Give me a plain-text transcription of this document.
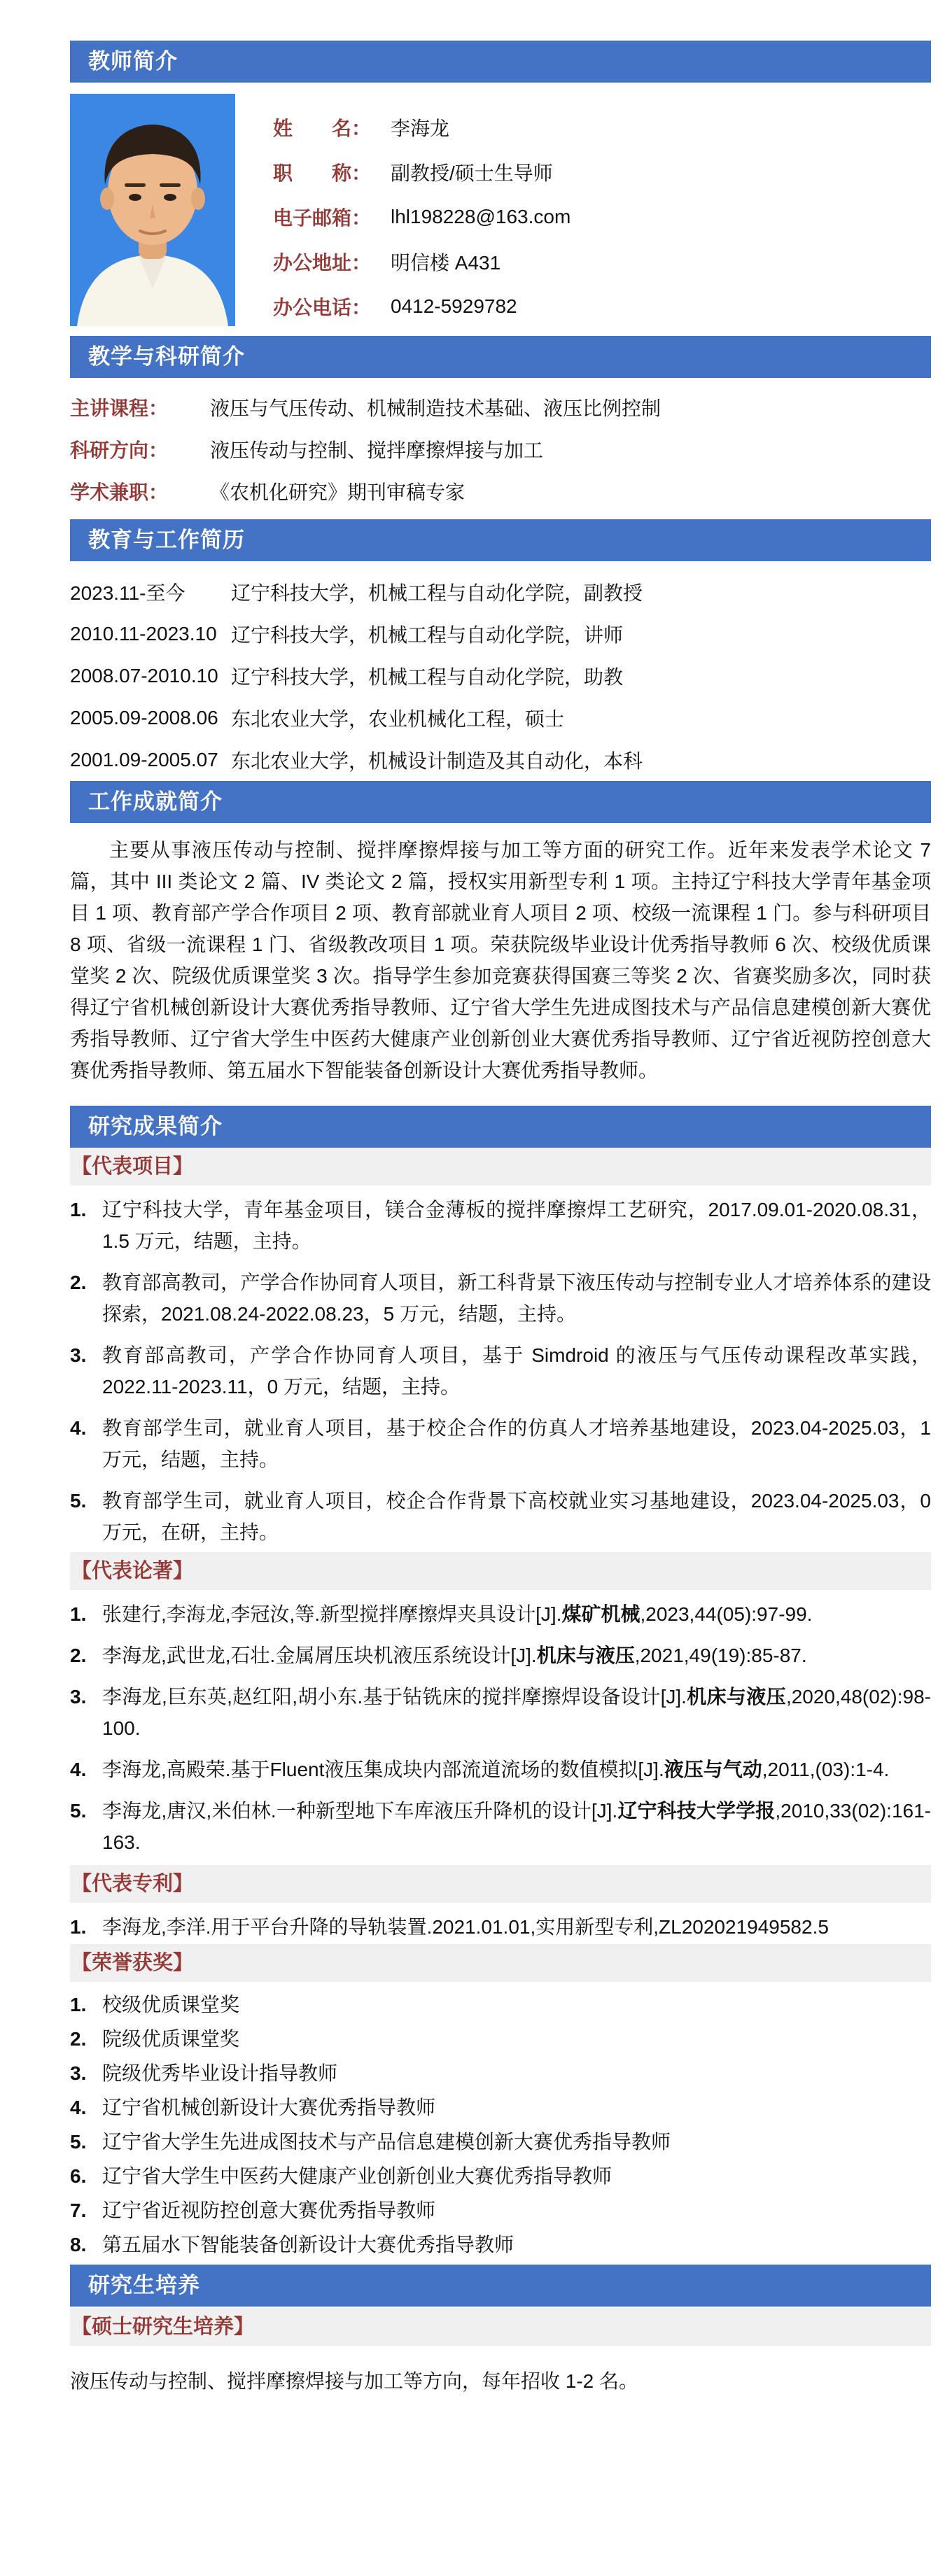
教师简介
姓　　名： 李海龙
职　　称： 副教授/硕士生导师
电子邮箱： lhl198228@163.com
办公地址： 明信楼 A431
办公电话： 0412-5929782
教学与科研简介
主讲课程：	液压与气压传动、机械制造技术基础、液压比例控制
科研方向：	液压传动与控制、搅拌摩擦焊接与加工
学术兼职：	《农机化研究》期刊审稿专家
教育与工作简历
2023.11-至今	辽宁科技大学，机械工程与自动化学院，副教授
2010.11-2023.10 辽宁科技大学，机械工程与自动化学院，讲师
2008.07-2010.10 辽宁科技大学，机械工程与自动化学院，助教
2005.09-2008.06 东北农业大学，农业机械化工程，硕士
2001.09-2005.07 东北农业大学，机械设计制造及其自动化，本科
工作成就简介

主要从事液压传动与控制、搅拌摩擦焊接与加工等方面的研究工作。近年来发表学术论文 7 篇，其中 III 类论文 2 篇、IV 类论文 2 篇，授权实用新型专利 1 项。主持辽宁科技大学青年基金项目 1 项、教育部产学合作项目 2 项、教育部就业育人项目 2 项、校级一流课程 1 门。参与科研项目 8 项、省级一流课程 1 门、省级教改项目 1 项。荣获院级毕业设计优秀指导教师 6 次、校级优质课堂奖 2 次、院级优质课堂奖 3 次。指导学生参加竞赛获得国赛三等奖 2 次、省赛奖励多次，同时获得辽宁省机械创新设计大赛优秀指导教师、辽宁省大学生先进成图技术与产品信息建模创新大赛优秀指导教师、辽宁省大学生中医药大健康产业创新创业大赛优秀指导教师、辽宁省近视防控创意大赛优秀指导教师、第五届水下智能装备创新设计大赛优秀指导教师。

研究成果简介
【代表项目】
1. 辽宁科技大学，青年基金项目，镁合金薄板的搅拌摩擦焊工艺研究，2017.09.01-2020.08.31，1.5 万元，结题，主持。
2. 教育部高教司，产学合作协同育人项目，新工科背景下液压传动与控制专业人才培养体系的建设探索，2021.08.24-2022.08.23，5 万元，结题，主持。
3. 教育部高教司，产学合作协同育人项目，基于 Simdroid 的液压与气压传动课程改革实践，2022.11-2023.11，0 万元，结题，主持。
4. 教育部学生司，就业育人项目，基于校企合作的仿真人才培养基地建设，2023.04-2025.03，1 万元，结题，主持。
5. 教育部学生司，就业育人项目，校企合作背景下高校就业实习基地建设，2023.04-2025.03，0 万元，在研，主持。
【代表论著】
1. 张建行,李海龙,李冠汝,等.新型搅拌摩擦焊夹具设计[J].煤矿机械,2023,44(05):97-99.
2. 李海龙,武世龙,石壮.金属屑压块机液压系统设计[J].机床与液压,2021,49(19):85-87.
3. 李海龙,巨东英,赵红阳,胡小东.基于钻铣床的搅拌摩擦焊设备设计[J].机床与液压,2020,48(02):98-100.
4. 李海龙,高殿荣.基于Fluent液压集成块内部流道流场的数值模拟[J].液压与气动,2011,(03):1-4.
5. 李海龙,唐汉,米伯林.一种新型地下车库液压升降机的设计[J].辽宁科技大学学报,2010,33(02):161-163.
【代表专利】
1. 李海龙,李洋.用于平台升降的导轨装置.2021.01.01,实用新型专利,ZL202021949582.5
【荣誉获奖】
1. 校级优质课堂奖
2. 院级优质课堂奖
3. 院级优秀毕业设计指导教师
4. 辽宁省机械创新设计大赛优秀指导教师
5. 辽宁省大学生先进成图技术与产品信息建模创新大赛优秀指导教师
6. 辽宁省大学生中医药大健康产业创新创业大赛优秀指导教师
7. 辽宁省近视防控创意大赛优秀指导教师
8. 第五届水下智能装备创新设计大赛优秀指导教师
研究生培养
【硕士研究生培养】
液压传动与控制、搅拌摩擦焊接与加工等方向，每年招收 1-2 名。
